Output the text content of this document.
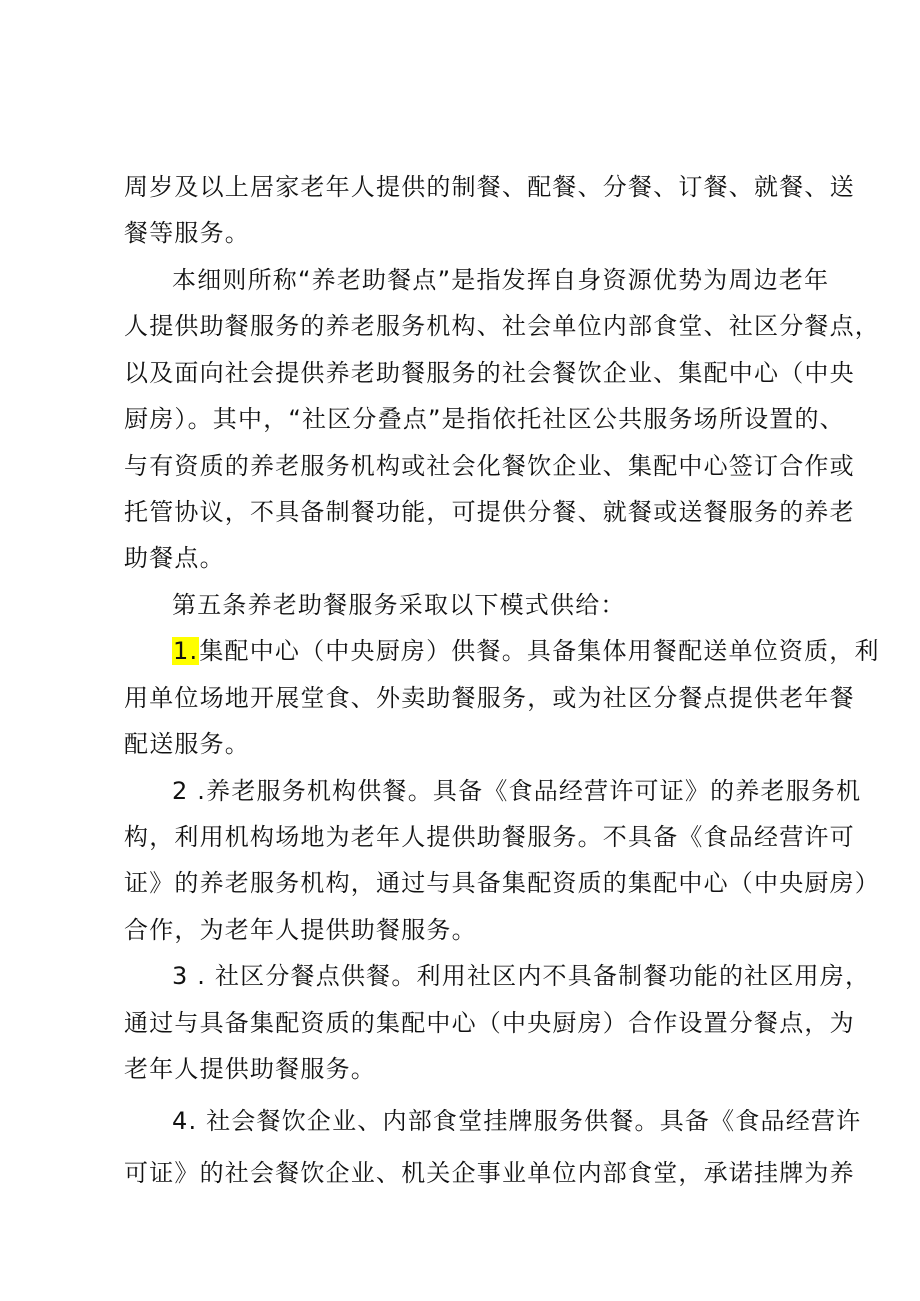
周岁及以上居家老年人提供的制餐、配餐、分餐、订餐、就餐、送
餐等服务。
本细则所称“养老助餐点”是指发挥自身资源优势为周边老年
人提供助餐服务的养老服务机构、社会单位内部食堂、社区分餐点，
以及面向社会提供养老助餐服务的社会餐饮企业、集配中心（中央
厨房）。其中，“社区分叠点”是指依托社区公共服务场所设置的、
与有资质的养老服务机构或社会化餐饮企业、集配中心签订合作或
托管协议，不具备制餐功能，可提供分餐、就餐或送餐服务的养老
助餐点。
第五条养老助餐服务采取以下模式供给：
1.集配中心（中央厨房）供餐。具备集体用餐配送单位资质，利
用单位场地开展堂食、外卖助餐服务，或为社区分餐点提供老年餐
配送服务。
2 .养老服务机构供餐。具备《食品经营许可证》的养老服务机
构，利用机构场地为老年人提供助餐服务。不具备《食品经营许可
证》的养老服务机构，通过与具备集配资质的集配中心（中央厨房）
合作，为老年人提供助餐服务。
3 . 社区分餐点供餐。利用社区内不具备制餐功能的社区用房，
通过与具备集配资质的集配中心（中央厨房）合作设置分餐点，为
老年人提供助餐服务。
4. 社会餐饮企业、内部食堂挂牌服务供餐。具备《食品经营许
可证》的社会餐饮企业、机关企事业单位内部食堂，承诺挂牌为养
